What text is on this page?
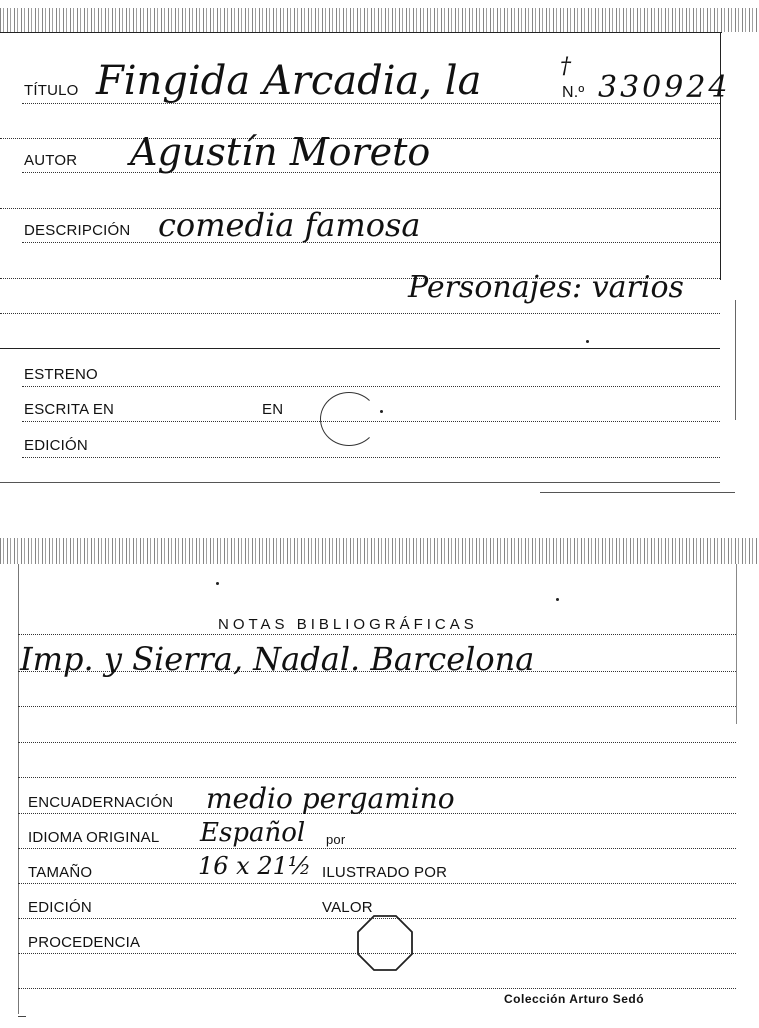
TÍTULO Fingida Arcadia, la	N.º 330924
†
AUTOR Agustín Moreto
DESCRIPCIÓN comedia famosa
Personajes: varios
ESTRENO
ESCRITA EN	EN
EDICIÓN
NOTAS BIBLIOGRÁFICAS
Imp. y Sierra, Nadal. Barcelona
ENCUADERNACIÓN medio pergamino
IDIOMA ORIGINAL Español por
TAMAÑO	16 x 21½ ILUSTRADO POR
EDICIÓN	VALOR
PROCEDENCIA
Colección Arturo Sedó
